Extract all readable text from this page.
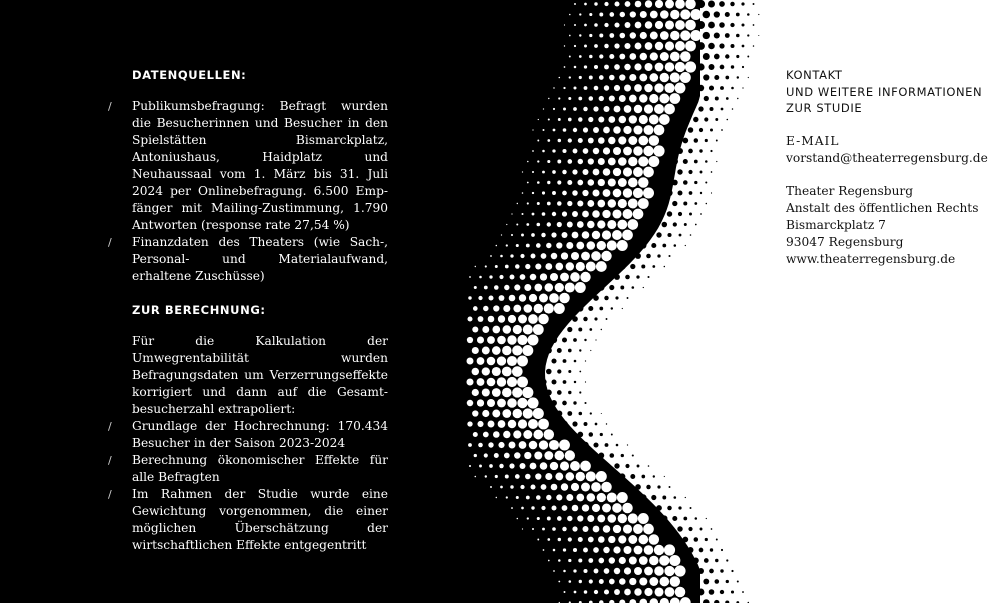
DATENQUELLEN:
/ Publikumsbefragung: Befragt wurden die Besucherinnen und Besucher in den Spielstätten Bismarckplatz, Antoniushaus, Haidplatz und Neuhaussaal vom 1. März bis 31. Juli 2024 per Onlinebefragung. 6.500 Empfänger mit Mailing-Zustimmung, 1.790 Antworten (response rate 27,54 %)
/ Finanzdaten des Theaters (wie Sach-, Personal- und Materialaufwand, erhaltene Zuschüsse)
ZUR BERECHNUNG:

Für die Kalkulation der Umwegrentabilität wurden Befragungsdaten um Verzerrungseffekte korrigiert und dann auf die Gesamtbesucherzahl extrapoliert:

/ Grundlage der Hochrechnung: 170.434 Besucher in der Saison 2023-2024
/ Berechnung ökonomischer Effekte für alle Befragten
/ Im Rahmen der Studie wurde eine Gewichtung vorgenommen, die einer möglichen Überschätzung der wirtschaftlichen Effekte entgegentritt
KONTAKT
UND WEITERE INFORMATIONEN
ZUR STUDIE
E-MAIL
vorstand@theaterregensburg.de
Theater Regensburg
Anstalt des öffentlichen Rechts
Bismarckplatz 7
93047 Regensburg
www.theaterregensburg.de
